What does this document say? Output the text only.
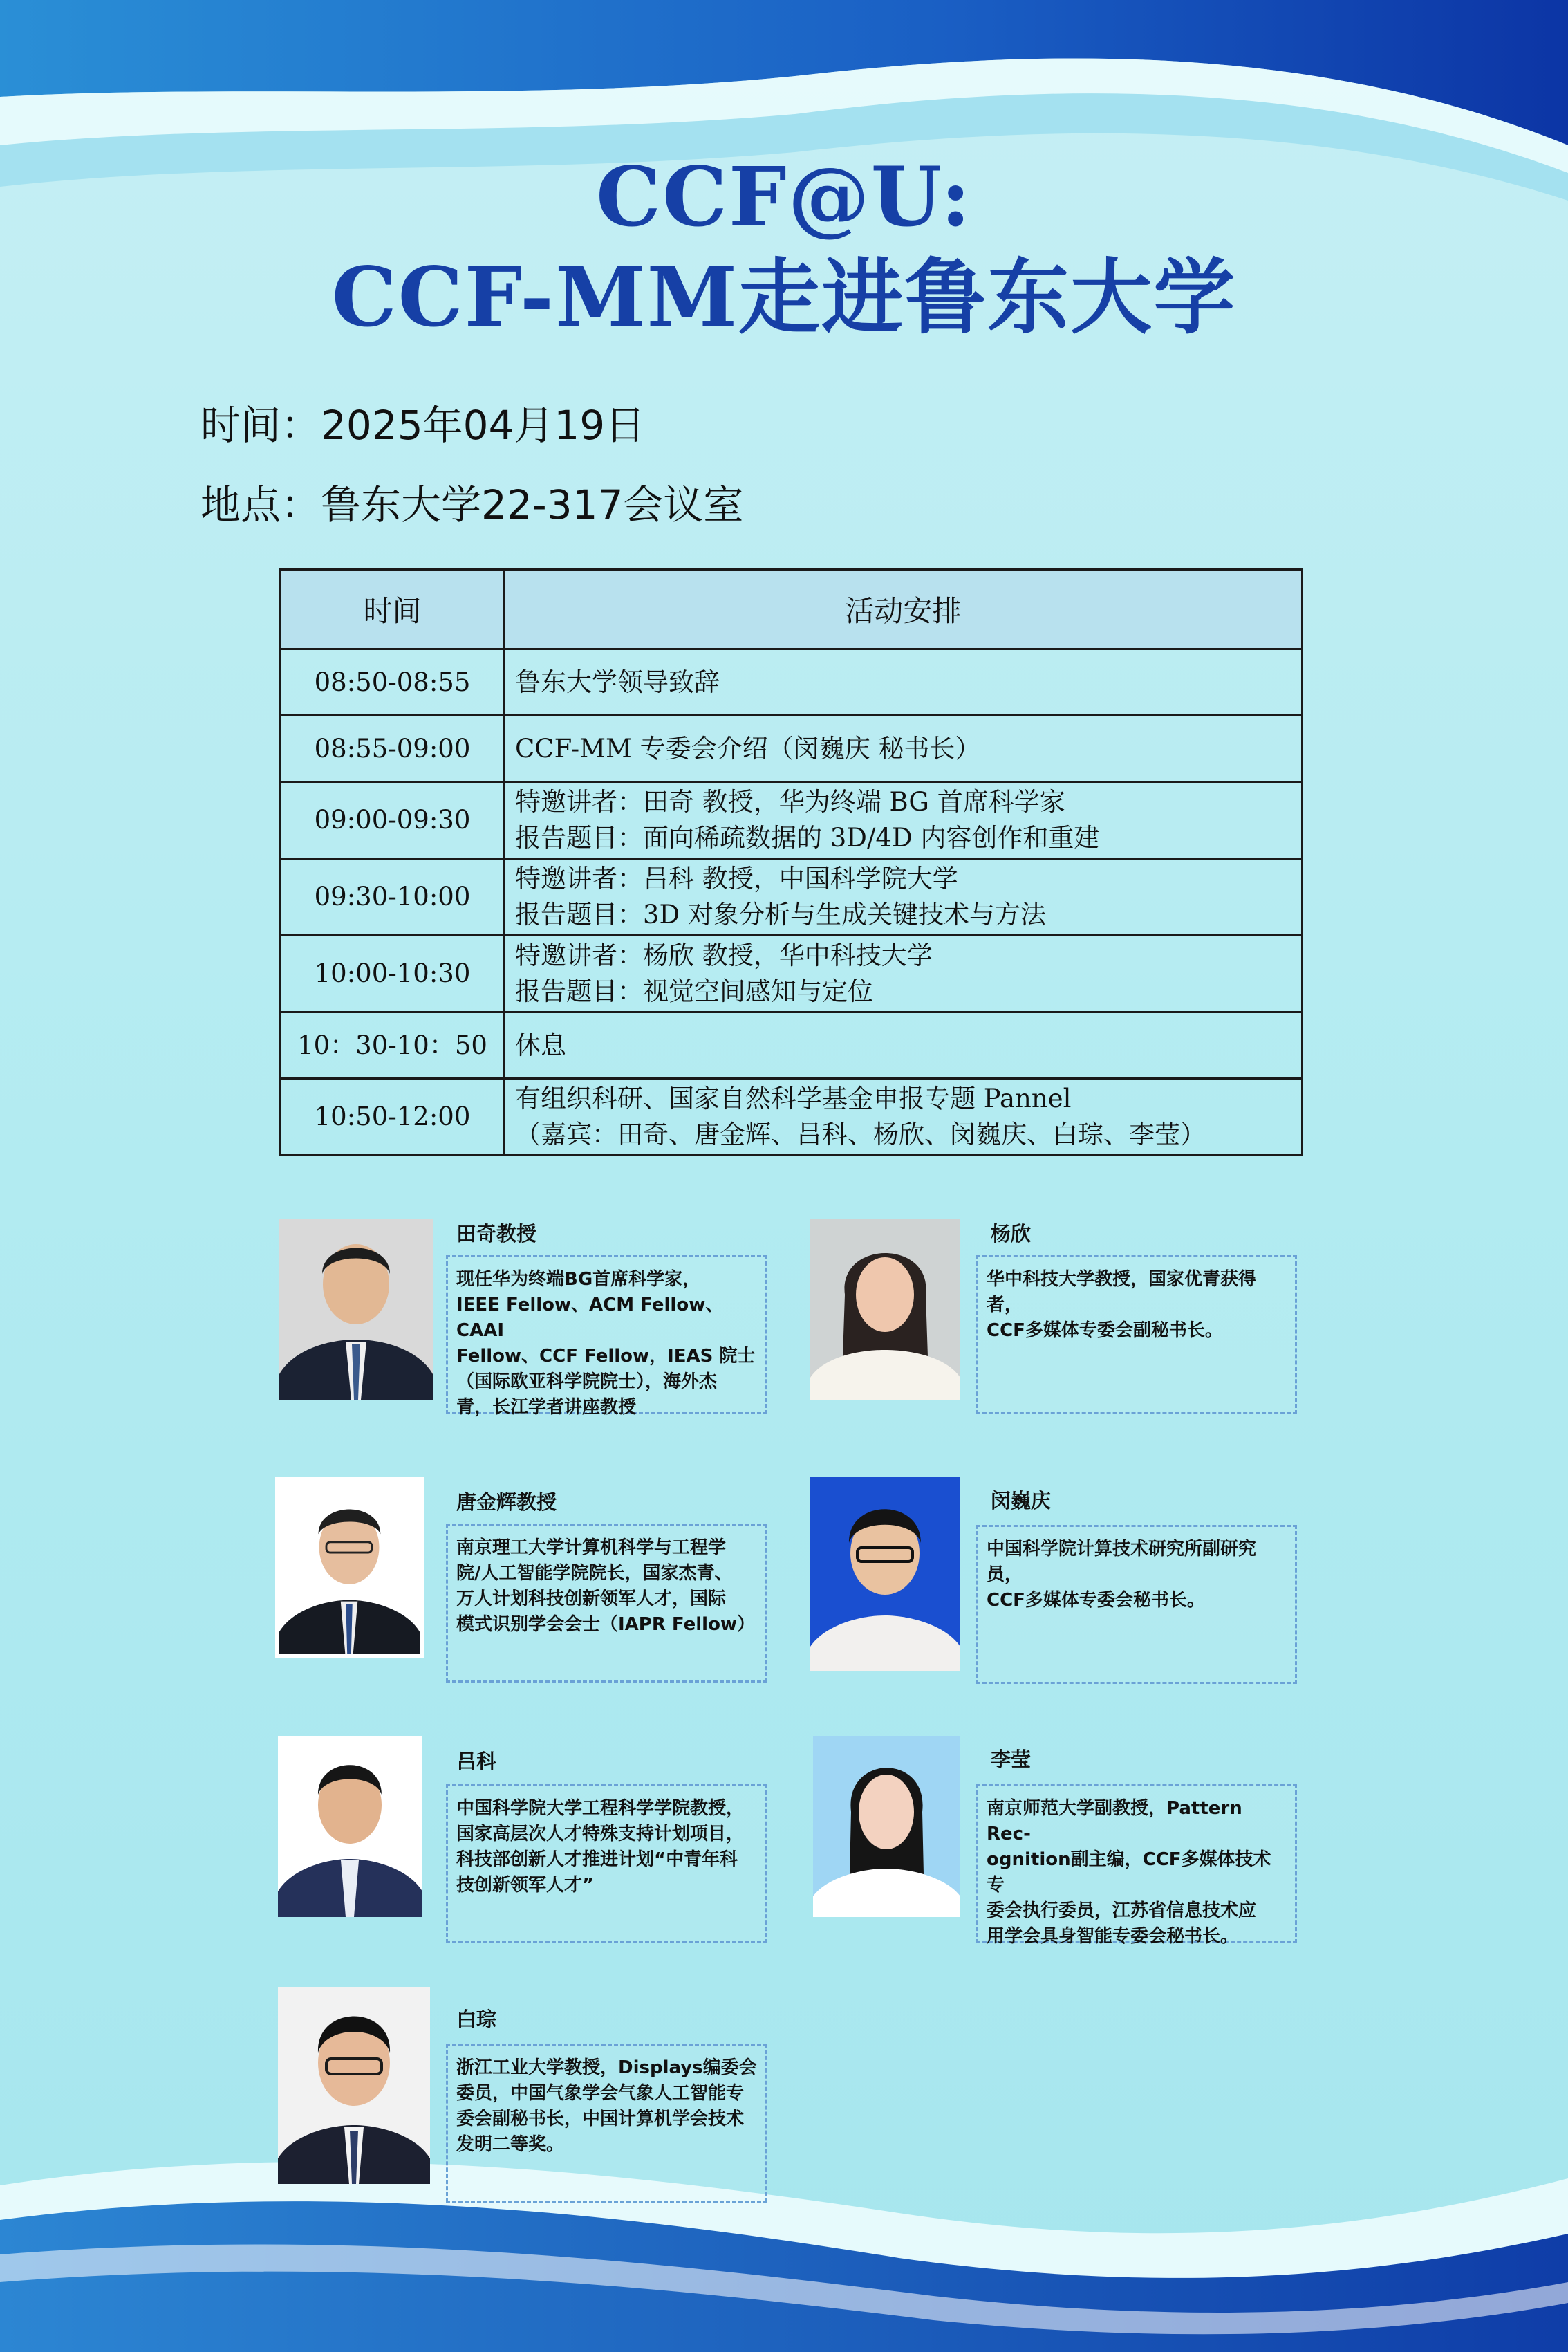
CCF@U:
CCF-MM走进鲁东大学
时间：2025年04月19日
地点：鲁东大学22-317会议室
时间	活动安排
08:50-08:55	鲁东大学领导致辞

08:55-09:00	CCF-MM 专委会介绍（闵巍庆 秘书长）

09:00-09:30	特邀讲者：田奇 教授，华为终端 BG 首席科学家
报告题目：面向稀疏数据的 3D/4D 内容创作和重建

09:30-10:00	特邀讲者：吕科 教授，中国科学院大学
报告题目：3D 对象分析与生成关键技术与方法

10:00-10:30	特邀讲者：杨欣 教授，华中科技大学
报告题目：视觉空间感知与定位

10：30-10：50	休息

10:50-12:00	有组织科研、国家自然科学基金申报专题 Pannel
（嘉宾：田奇、唐金辉、吕科、杨欣、闵巍庆、白琮、李莹）
田奇教授
现任华为终端BG首席科学家，
IEEE Fellow、ACM Fellow、CAAI
Fellow、CCF Fellow，IEAS 院士
（国际欧亚科学院院士），海外杰
青，长江学者讲座教授
杨欣
华中科技大学教授，国家优青获得者，
CCF多媒体专委会副秘书长。
唐金辉教授
南京理工大学计算机科学与工程学
院/人工智能学院院长，国家杰青、
万人计划科技创新领军人才，国际
模式识别学会会士（IAPR Fellow）
闵巍庆
中国科学院计算技术研究所副研究员，
CCF多媒体专委会秘书长。
吕科
中国科学院大学工程科学学院教授，
国家高层次人才特殊支持计划项目，
科技部创新人才推进计划“中青年科
技创新领军人才”
李莹
南京师范大学副教授，Pattern Rec-
ognition副主编，CCF多媒体技术专
委会执行委员，江苏省信息技术应
用学会具身智能专委会秘书长。
白琮
浙江工业大学教授，Displays编委会
委员，中国气象学会气象人工智能专
委会副秘书长，中国计算机学会技术
发明二等奖。
